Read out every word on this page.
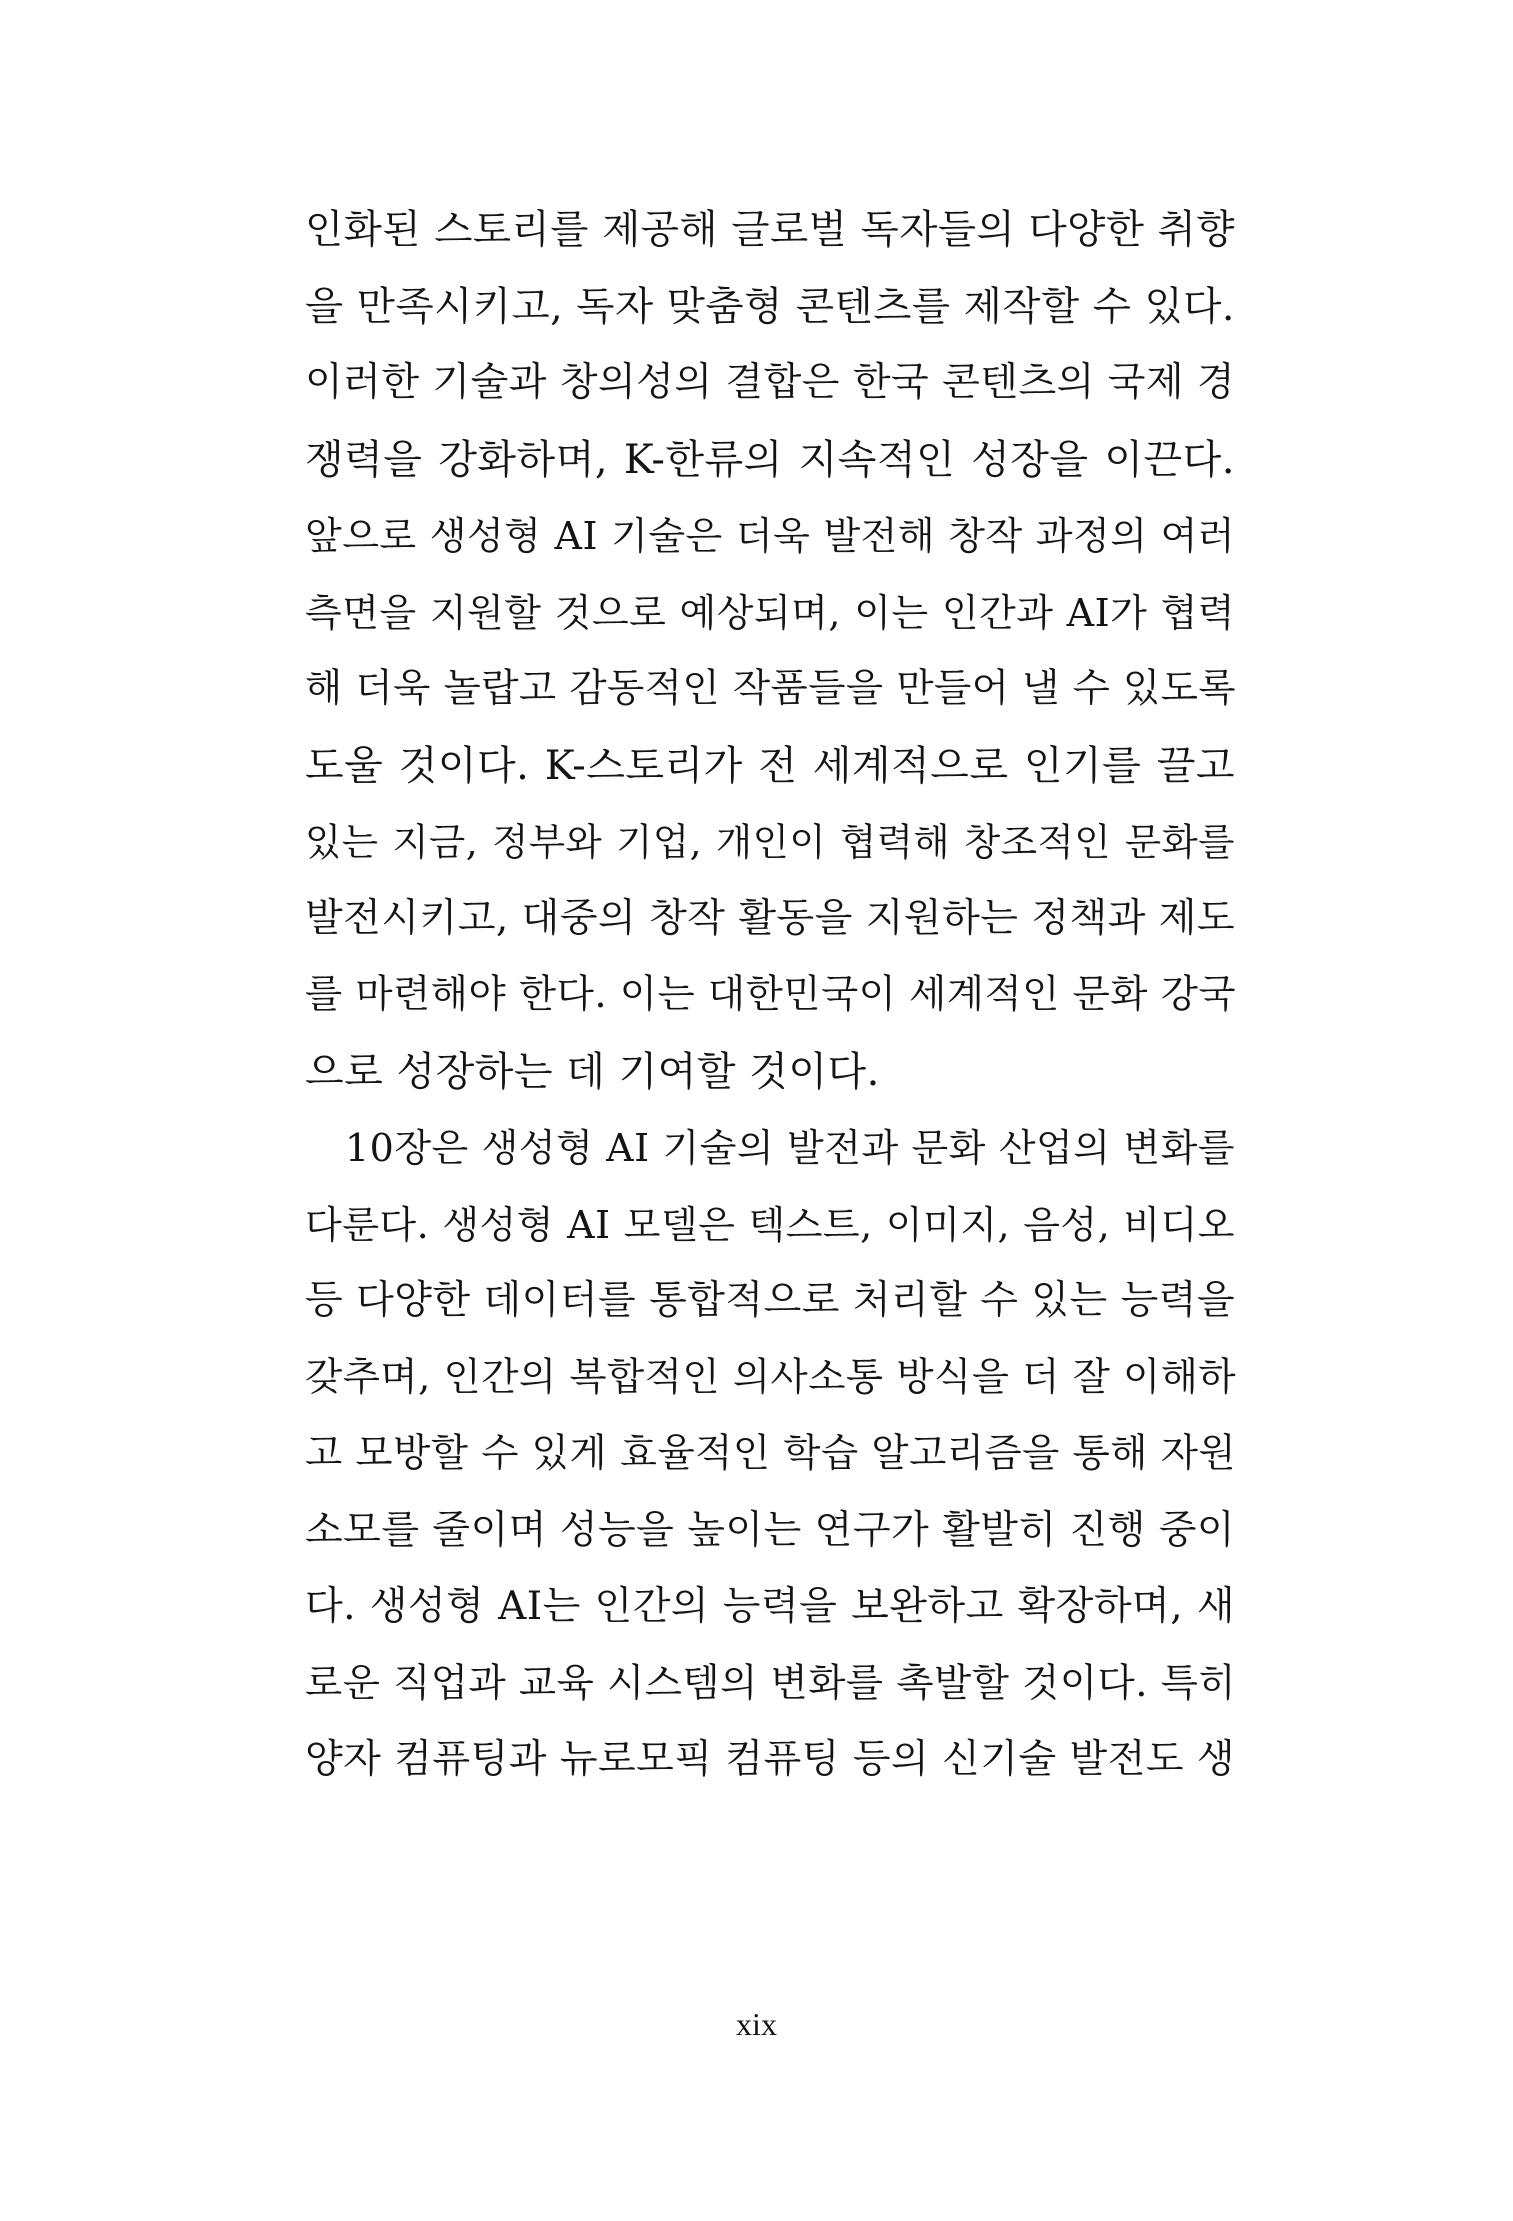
인화된 스토리를 제공해 글로벌 독자들의 다양한 취향
을 만족시키고, 독자 맞춤형 콘텐츠를 제작할 수 있다.
이러한 기술과 창의성의 결합은 한국 콘텐츠의 국제 경
쟁력을 강화하며, K-한류의 지속적인 성장을 이끈다.
앞으로 생성형 AI 기술은 더욱 발전해 창작 과정의 여러
측면을 지원할 것으로 예상되며, 이는 인간과 AI가 협력
해 더욱 놀랍고 감동적인 작품들을 만들어 낼 수 있도록
도울 것이다. K-스토리가 전 세계적으로 인기를 끌고
있는 지금, 정부와 기업, 개인이 협력해 창조적인 문화를
발전시키고, 대중의 창작 활동을 지원하는 정책과 제도
를 마련해야 한다. 이는 대한민국이 세계적인 문화 강국
으로 성장하는 데 기여할 것이다.
10장은 생성형 AI 기술의 발전과 문화 산업의 변화를
다룬다. 생성형 AI 모델은 텍스트, 이미지, 음성, 비디오
등 다양한 데이터를 통합적으로 처리할 수 있는 능력을
갖추며, 인간의 복합적인 의사소통 방식을 더 잘 이해하
고 모방할 수 있게 효율적인 학습 알고리즘을 통해 자원
소모를 줄이며 성능을 높이는 연구가 활발히 진행 중이
다. 생성형 AI는 인간의 능력을 보완하고 확장하며, 새
로운 직업과 교육 시스템의 변화를 촉발할 것이다. 특히
양자 컴퓨팅과 뉴로모픽 컴퓨팅 등의 신기술 발전도 생
xix
